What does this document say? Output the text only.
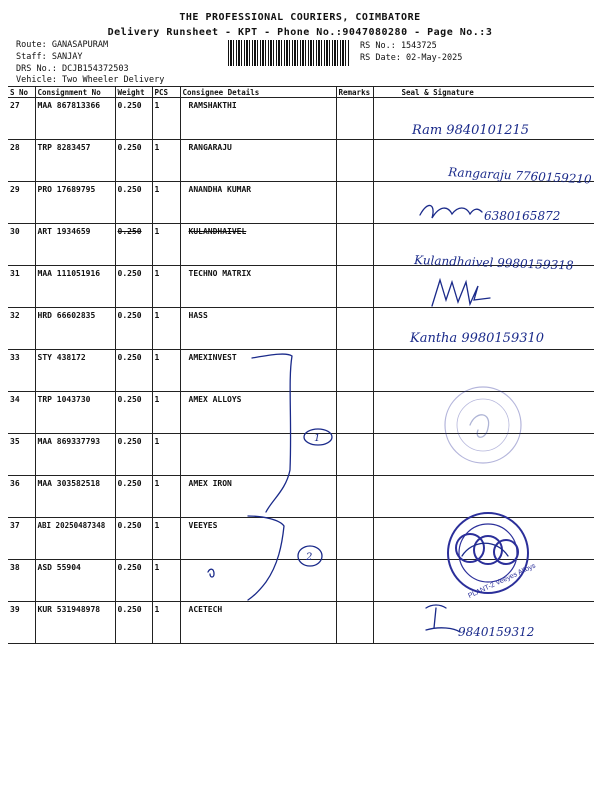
THE PROFESSIONAL COURIERS, COIMBATORE
Delivery Runsheet - KPT - Phone No.:9047080280 - Page No.:3
Route: GANASAPURAM
Staff: SANJAY
DRS No.: DCJB154372503
Vehicle: Two Wheeler Delivery
RS No.: 1543725
RS Date: 02-May-2025
S No	Consignment No	Weight	PCS	Consignee Details	Remarks	Seal & Signature
27	MAA 867813366	0.250	1	RAMSHAKTHI		
28	TRP 8283457	0.250	1	RANGARAJU		
29	PRO 17689795	0.250	1	ANANDHA KUMAR		
30	ART 1934659	0.250	1	KULANDHAIVEL		
31	MAA 111051916	0.250	1	TECHNO MATRIX		
32	HRD 66602835	0.250	1	HASS		
33	STY 438172	0.250	1	AMEXINVEST		
34	TRP 1043730	0.250	1	AMEX ALLOYS		
35	MAA 869337793	0.250	1			
36	MAA 303582518	0.250	1	AMEX IRON		
37	ABI 20250487348	0.250	1	VEEYES		
38	ASD 55904	0.250	1			
39	KUR 531948978	0.250	1	ACETECH		
Ram 9840101215
Rangaraju 7760159210
6380165872
Kulandhaivel 9980159318
Kantha 9980159310
1
2
PLANT-2 Veeyes Alloys
9840159312
